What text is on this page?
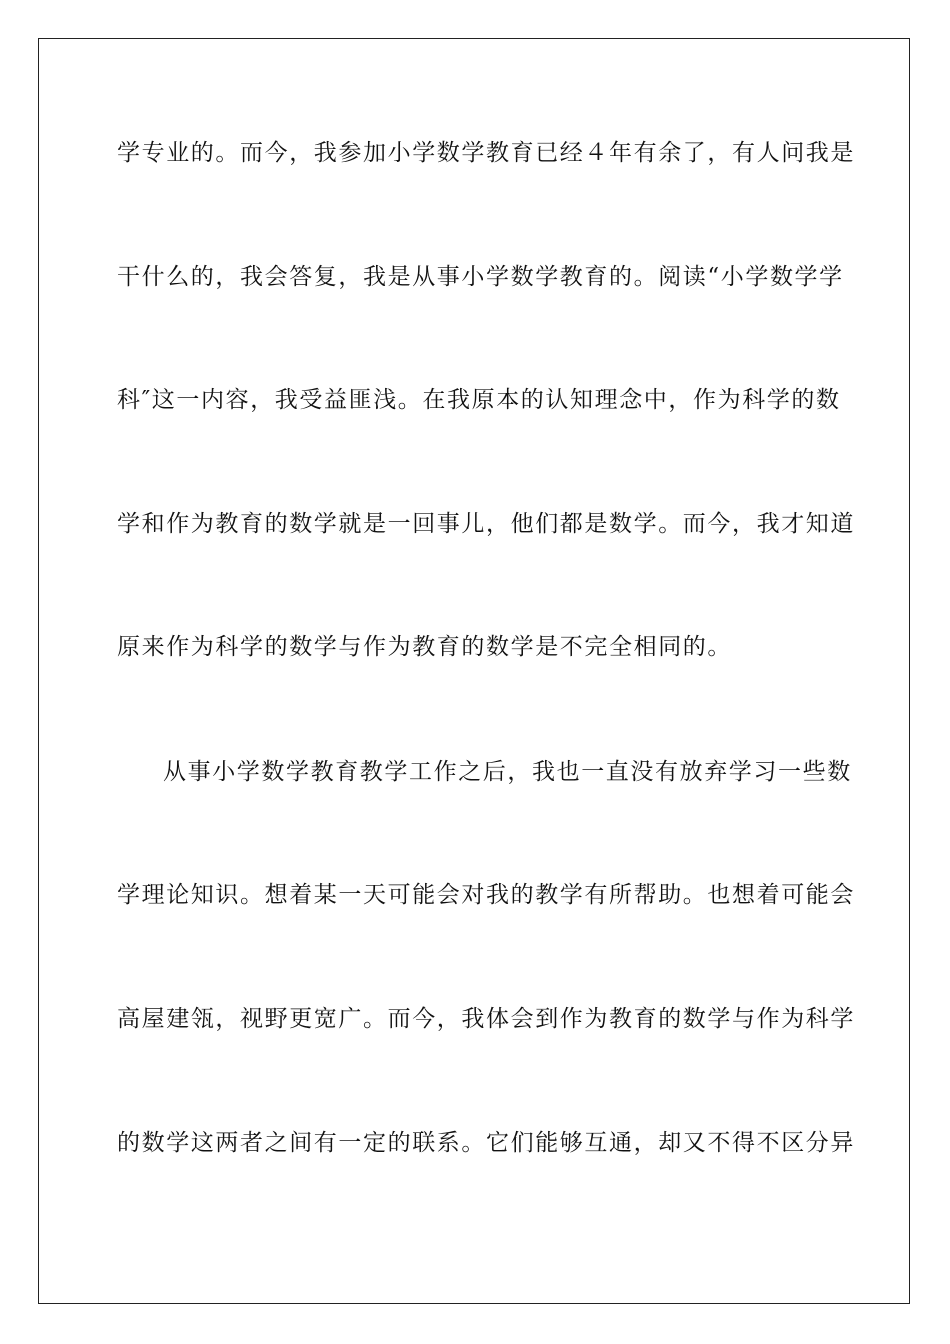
学专业的。而今，我参加小学数学教育已经４年有余了，有人问我是
干什么的，我会答复，我是从事小学数学教育的。阅读“小学数学学
科″这一内容，我受益匪浅。在我原本的认知理念中，作为科学的数
学和作为教育的数学就是一回事儿，他们都是数学。而今，我才知道
原来作为科学的数学与作为教育的数学是不完全相同的。
从事小学数学教育教学工作之后，我也一直没有放弃学习一些数
学理论知识。想着某一天可能会对我的教学有所帮助。也想着可能会
高屋建瓴，视野更宽广。而今，我体会到作为教育的数学与作为科学
的数学这两者之间有一定的联系。它们能够互通，却又不得不区分异
